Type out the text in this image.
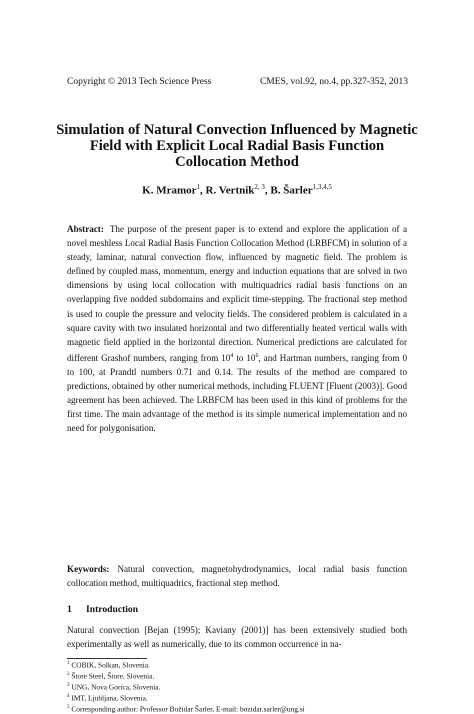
Copyright © 2013 Tech Science Press	CMES, vol.92, no.4, pp.327-352, 2013
Simulation of Natural Convection Influenced by Magnetic
Field with Explicit Local Radial Basis Function
Collocation Method
K. Mramor$^1$, R. Vertnik$^{2, 3}$, B. Šarler$^{1,3,4,5}$

Abstract: The purpose of the present paper is to extend and explore the application of a novel meshless Local Radial Basis Function Collocation Method (LRBFCM) in solution of a steady, laminar, natural convection flow, influenced by magnetic field. The problem is defined by coupled mass, momentum, energy and induction equations that are solved in two dimensions by using local collocation with multiquadrics radial basis functions on an overlapping five nodded subdomains and explicit time-stepping. The fractional step method is used to couple the pressure and velocity fields. The considered problem is calculated in a square cavity with two insulated horizontal and two differentially heated vertical walls with magnetic field applied in the horizontal direction. Numerical predictions are calculated for different Grashof numbers, ranging from $10^4$ to $10^6$, and Hartman numbers, ranging from 0 to 100, at Prandtl numbers 0.71 and 0.14. The results of the method are compared to predictions, obtained by other numerical methods, including FLUENT [Fluent (2003)]. Good agreement has been achieved. The LRBFCM has been used in this kind of problems for the first time. The main advantage of the method is its simple numerical implementation and no need for polygonisation.

Keywords: Natural convection, magnetohydrodynamics, local radial basis function collocation method, multiquadrics, fractional step method.

1 Introduction

Natural convection [Bejan (1995); Kaviany (2001)] has been extensively studied both experimentally as well as numerically, due to its common occurrence in na-

$^1$ COBIK, Solkan, Slovenia.
$^2$ Štore Steel, Štore, Slovenia.
$^3$ UNG, Nova Gorica, Slovenia.
$^4$ IMT, Ljubljana, Slovenia.
$^5$ Corresponding author: Professor Božidar Šarler, E-mail: bozidar.sarler@ung.si
